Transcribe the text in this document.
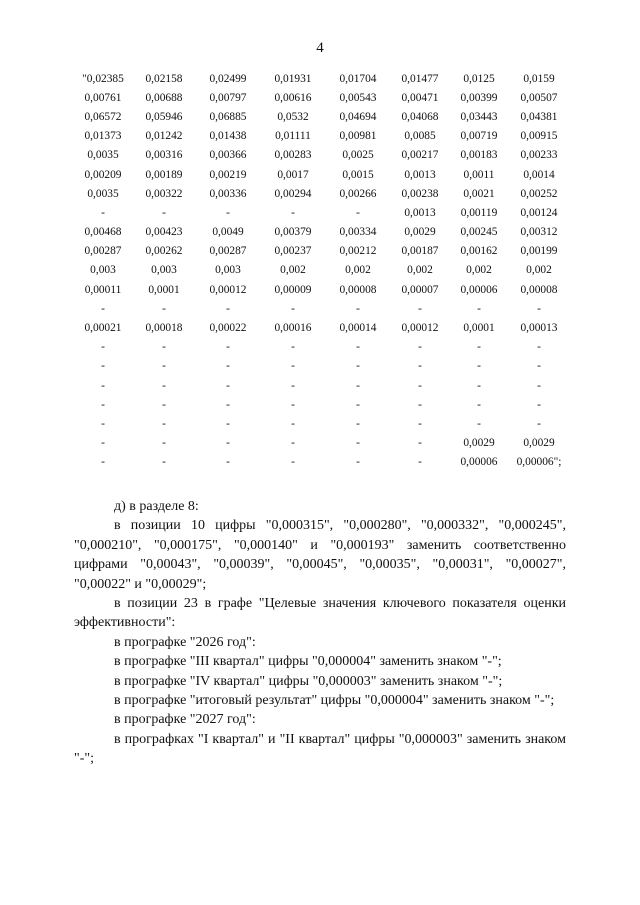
4
"0,02385	0,02158	0,02499	0,01931	0,01704	0,01477	0,0125	0,0159
0,00761	0,00688	0,00797	0,00616	0,00543	0,00471	0,00399	0,00507
0,06572	0,05946	0,06885	0,0532	0,04694	0,04068	0,03443	0,04381
0,01373	0,01242	0,01438	0,01111	0,00981	0,0085	0,00719	0,00915
0,0035	0,00316	0,00366	0,00283	0,0025	0,00217	0,00183	0,00233
0,00209	0,00189	0,00219	0,0017	0,0015	0,0013	0,0011	0,0014
0,0035	0,00322	0,00336	0,00294	0,00266	0,00238	0,0021	0,00252
-	-	-	-	-	0,0013	0,00119	0,00124
0,00468	0,00423	0,0049	0,00379	0,00334	0,0029	0,00245	0,00312
0,00287	0,00262	0,00287	0,00237	0,00212	0,00187	0,00162	0,00199
0,003	0,003	0,003	0,002	0,002	0,002	0,002	0,002
0,00011	0,0001	0,00012	0,00009	0,00008	0,00007	0,00006	0,00008
-	-	-	-	-	-	-	-
0,00021	0,00018	0,00022	0,00016	0,00014	0,00012	0,0001	0,00013
-	-	-	-	-	-	-	-
-	-	-	-	-	-	-	-
-	-	-	-	-	-	-	-
-	-	-	-	-	-	-	-
-	-	-	-	-	-	-	-
-	-	-	-	-	-	0,0029	0,0029
-	-	-	-	-	-	0,00006	0,00006";

д) в разделе 8:

в позиции 10 цифры "0,000315", "0,000280", "0,000332", "0,000245", "0,000210", "0,000175", "0,000140" и "0,000193" заменить соответственно цифрами "0,00043", "0,00039", "0,00045", "0,00035", "0,00031", "0,00027", "0,00022" и "0,00029";

в позиции 23 в графе "Целевые значения ключевого показателя оценки эффективности":

в прографке "2026 год":

в прографке "III квартал" цифры "0,000004" заменить знаком "-";

в прографке "IV квартал" цифры "0,000003" заменить знаком "-";

в прографке "итоговый результат" цифры "0,000004" заменить знаком "-";

в прографке "2027 год":

в прографках "I квартал" и "II квартал" цифры "0,000003" заменить знаком "-";
